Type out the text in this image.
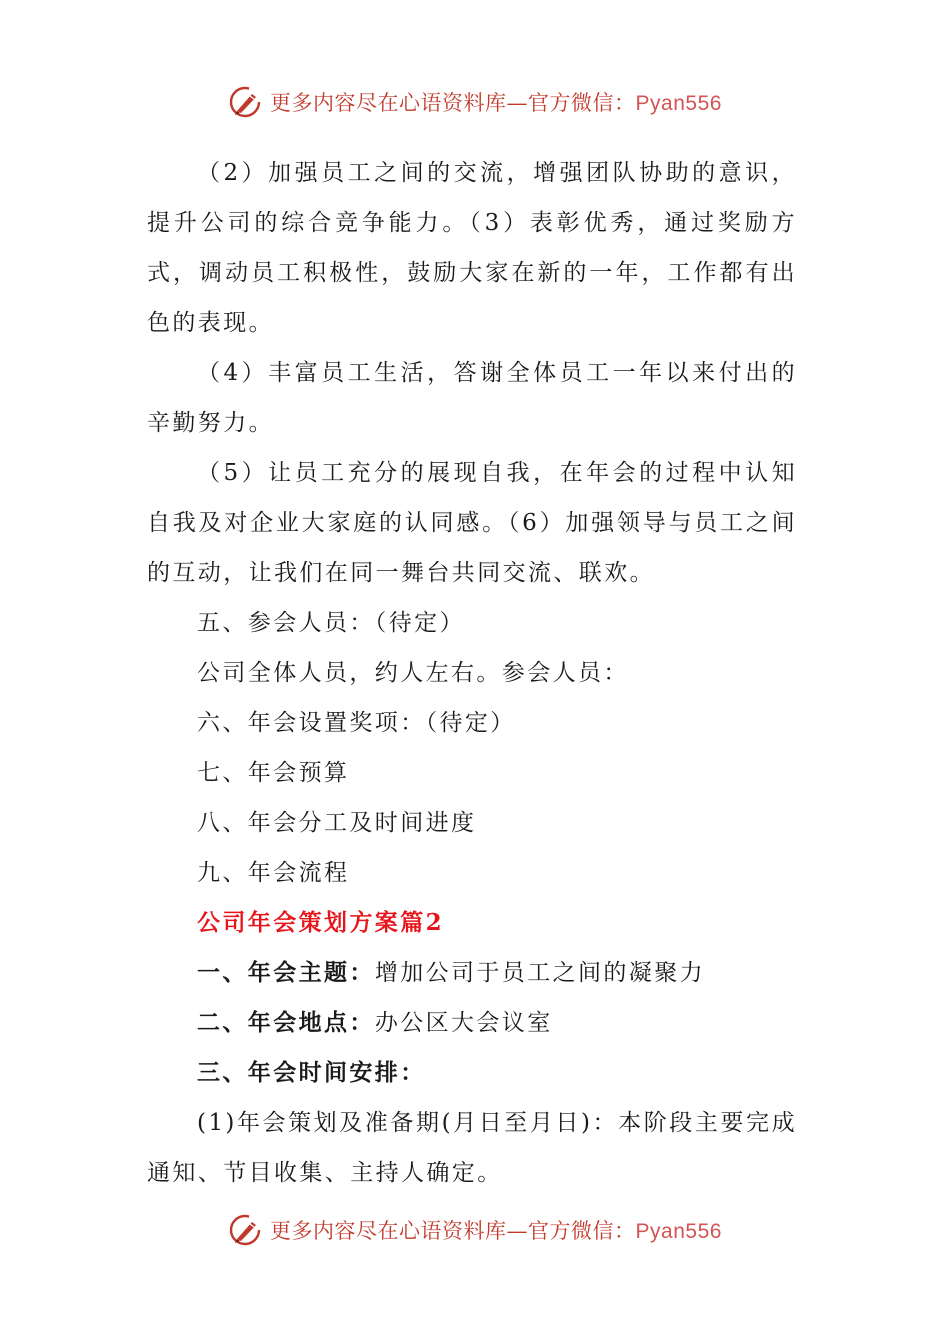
更多内容尽在心语资料库—官方微信：Pyan556

（2）加强员工之间的交流，增强团队协助的意识，提升公司的综合竞争能力。（3）表彰优秀，通过奖励方式，调动员工积极性，鼓励大家在新的一年，工作都有出色的表现。

（4）丰富员工生活，答谢全体员工一年以来付出的辛勤努力。

（5）让员工充分的展现自我，在年会的过程中认知自我及对企业大家庭的认同感。（6）加强领导与员工之间的互动，让我们在同一舞台共同交流、联欢。

五、参会人员：（待定）

公司全体人员，约人左右。参会人员：

六、年会设置奖项：（待定）

七、年会预算

八、年会分工及时间进度

九、年会流程

公司年会策划方案篇2

一、年会主题：增加公司于员工之间的凝聚力

二、年会地点：办公区大会议室

三、年会时间安排：

(1)年会策划及准备期(月日至月日)：本阶段主要完成通知、节目收集、主持人确定。

更多内容尽在心语资料库—官方微信：Pyan556
